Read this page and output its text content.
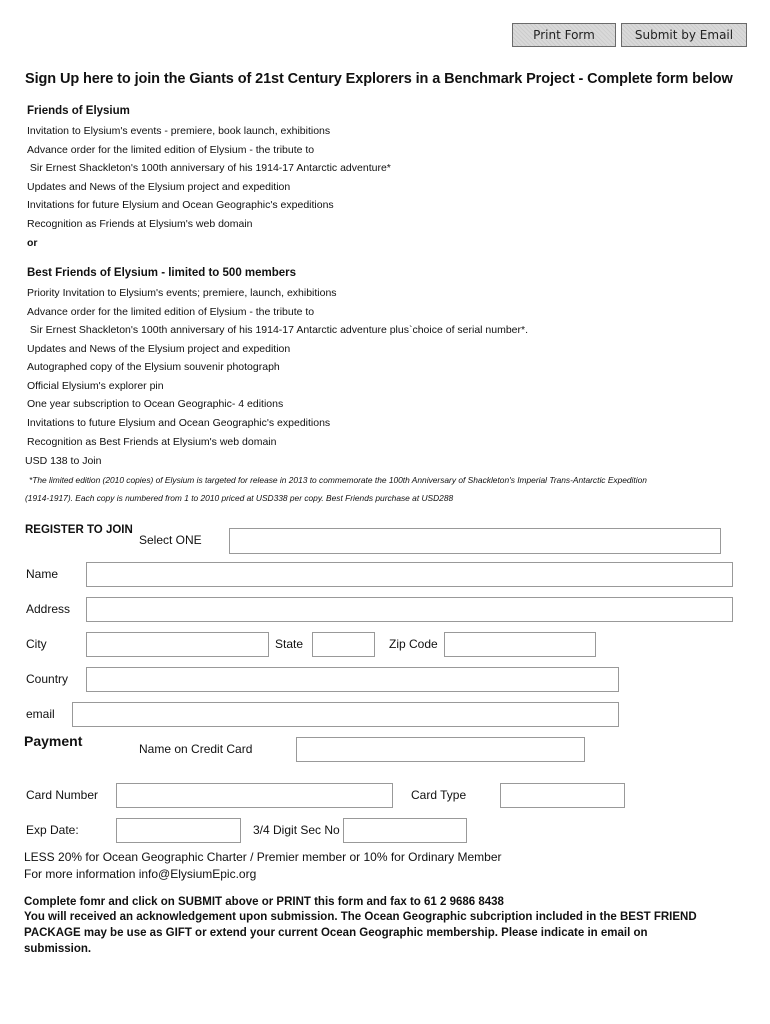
Print Form	Submit by Email
Sign Up here to join the Giants of 21st Century Explorers in a Benchmark Project - Complete form below
Friends of Elysium
Invitation to Elysium's events - premiere, book launch, exhibitions
Advance order for the limited edition of Elysium - the tribute to
Sir Ernest Shackleton's 100th anniversary of his 1914-17 Antarctic adventure*
Updates and News of the Elysium project and expedition
Invitations for future Elysium and Ocean Geographic's expeditions
Recognition as Friends at Elysium's web domain
or
Best Friends of Elysium - limited to 500 members
Priority Invitation to Elysium's events; premiere, launch, exhibitions
Advance order for the limited edition of Elysium - the tribute to
Sir Ernest Shackleton's 100th anniversary of his 1914-17 Antarctic adventure plus`choice of serial number*.
Updates and News of the Elysium project and expedition
Autographed copy of the Elysium souvenir photograph
Official Elysium's explorer pin
One year subscription to Ocean Geographic- 4 editions
Invitations to future Elysium and Ocean Geographic's expeditions
Recognition as Best Friends at Elysium's web domain
USD 138 to Join
*The limited edition (2010 copies) of Elysium is targeted for release in 2013 to commemorate the 100th Anniversary of Shackleton's Imperial Trans-Antarctic Expedition
(1914-1917). Each copy is numbered from 1 to 2010 priced at USD338 per copy. Best Friends purchase at USD288
REGISTER TO JOIN
Select ONE
Name
Address
City	State	Zip Code
Country
email
Payment	Name on Credit Card
Card Number	Card Type
Exp Date:	3/4 Digit Sec No
LESS 20% for Ocean Geographic Charter / Premier member or 10% for Ordinary Member
For more information info@ElysiumEpic.org
Complete fomr and click on SUBMIT above or PRINT this form and fax to 61 2 9686 8438
You will received an acknowledgement upon submission. The Ocean Geographic subcription included in the BEST FRIEND
PACKAGE may be use as GIFT or extend your current Ocean Geographic membership. Please indicate in email on
submission.
